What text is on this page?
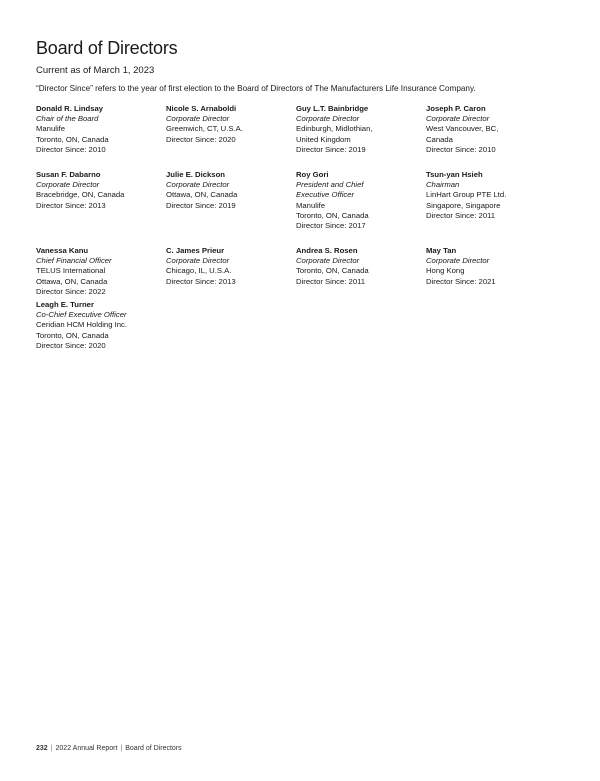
Board of Directors
Current as of March 1, 2023
“Director Since” refers to the year of first election to the Board of Directors of The Manufacturers Life Insurance Company.
Donald R. Lindsay
Chair of the Board
Manulife
Toronto, ON, Canada
Director Since: 2010
Nicole S. Arnaboldi
Corporate Director
Greenwich, CT, U.S.A.
Director Since: 2020
Guy L.T. Bainbridge
Corporate Director
Edinburgh, Midlothian,
United Kingdom
Director Since: 2019
Joseph P. Caron
Corporate Director
West Vancouver, BC,
Canada
Director Since: 2010
Susan F. Dabarno
Corporate Director
Bracebridge, ON, Canada
Director Since: 2013
Julie E. Dickson
Corporate Director
Ottawa, ON, Canada
Director Since: 2019
Roy Gori
President and Chief
Executive Officer
Manulife
Toronto, ON, Canada
Director Since: 2017
Tsun-yan Hsieh
Chairman
LinHart Group PTE Ltd.
Singapore, Singapore
Director Since: 2011
Vanessa Kanu
Chief Financial Officer
TELUS International
Ottawa, ON, Canada
Director Since: 2022
C. James Prieur
Corporate Director
Chicago, IL, U.S.A.
Director Since: 2013
Andrea S. Rosen
Corporate Director
Toronto, ON, Canada
Director Since: 2011
May Tan
Corporate Director
Hong Kong
Director Since: 2021
Leagh E. Turner
Co-Chief Executive Officer
Ceridian HCM Holding Inc.
Toronto, ON, Canada
Director Since: 2020
232 | 2022 Annual Report | Board of Directors
